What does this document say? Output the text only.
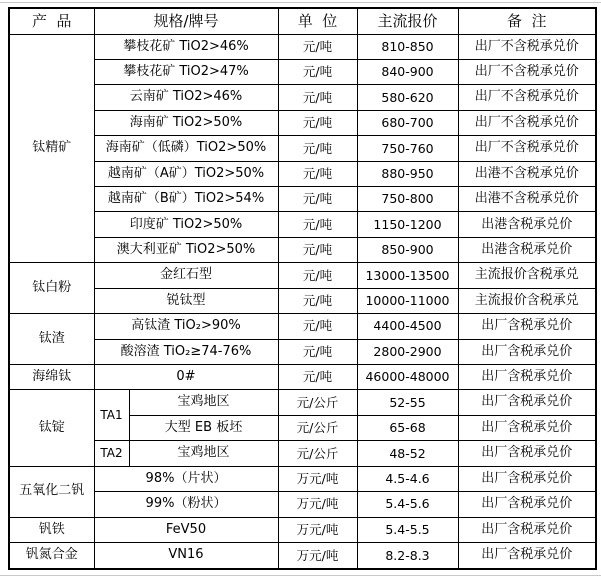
产  品	规格/牌号		单  位	主流报价	备  注
钛精矿	攀枝花矿 TiO2>46%		元/吨	810-850	出厂不含税承兑价
	攀枝花矿 TiO2>47%		元/吨	840-900	出厂不含税承兑价
	云南矿 TiO2>46%		元/吨	580-620	出厂不含税承兑价
	海南矿 TiO2>50%		元/吨	680-700	出厂不含税承兑价
	海南矿（低磷）TiO2>50%		元/吨	750-760	出厂不含税承兑价
	越南矿（A矿）TiO2>50%		元/吨	880-950	出港不含税承兑价
	越南矿（B矿）TiO2>54%		元/吨	750-800	出港不含税承兑价
	印度矿 TiO2>50%		元/吨	1150-1200	出港含税承兑价
	澳大利亚矿 TiO2>50%		元/吨	850-900	出港含税承兑价
钛白粉	金红石型		元/吨	13000-13500	主流报价含税承兑
	锐钛型		元/吨	10000-11000	主流报价含税承兑
钛渣	高钛渣 TiO₂>90%		元/吨	4400-4500	出厂含税承兑价
	酸溶渣 TiO₂≥74-76%		元/吨	2800-2900	出厂含税承兑价
海绵钛	0#		元/吨	46000-48000	出厂含税承兑价
钛锭	TA1	宝鸡地区	元/公斤	52-55	出厂含税承兑价
		大型 EB 板坯	元/公斤	65-68	出厂含税承兑价
	TA2	宝鸡地区	元/公斤	48-52	出厂含税承兑价
五氧化二钒	98%（片状）		万元/吨	4.5-4.6	出厂含税承兑价
	99%（粉状）		万元/吨	5.4-5.6	出厂含税承兑价
钒铁	FeV50		万元/吨	5.4-5.5	出厂含税承兑价
钒氮合金	VN16		万元/吨	8.2-8.3	出厂含税承兑价
